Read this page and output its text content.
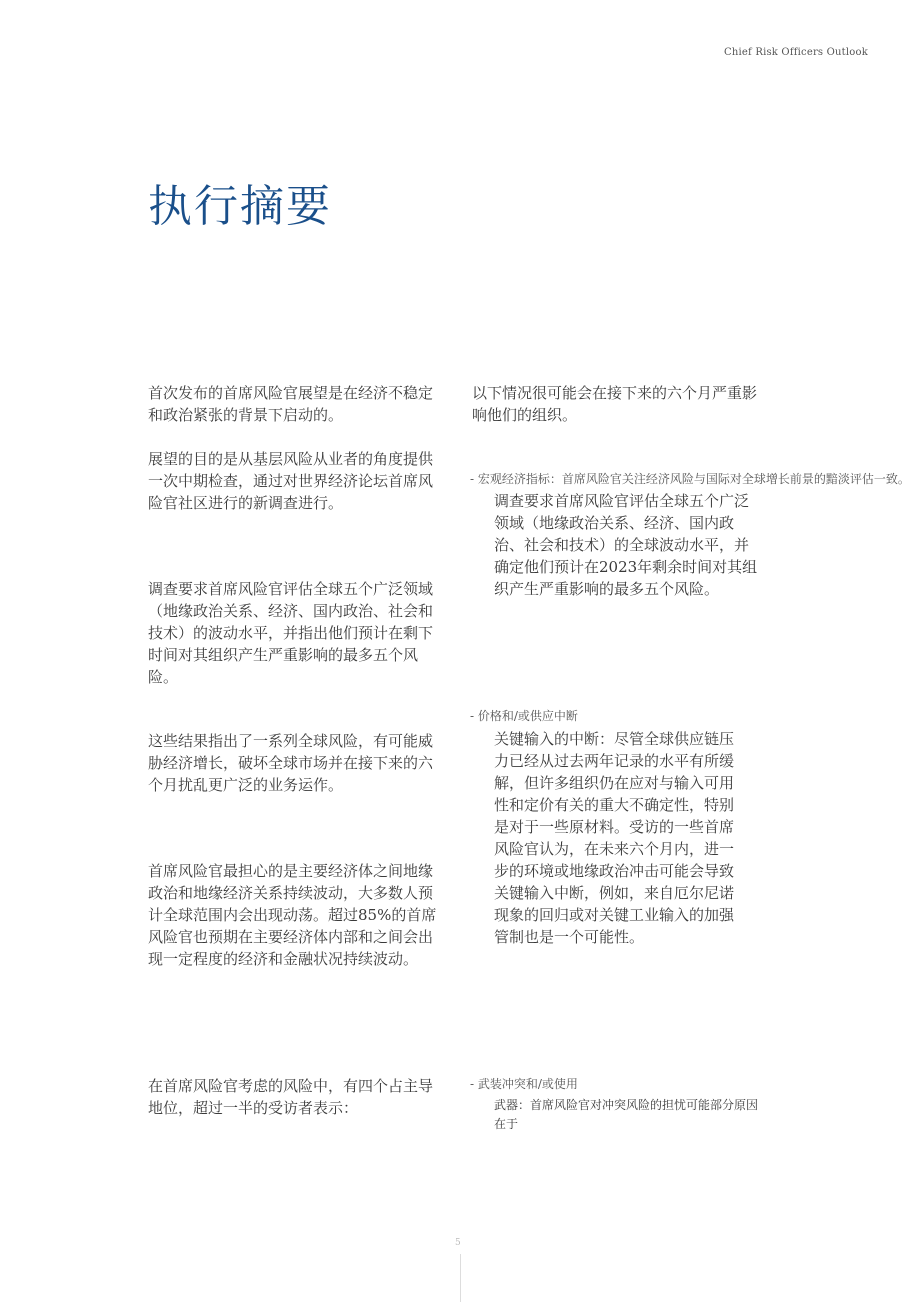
Chief Risk Officers Outlook
执行摘要
首次发布的首席风险官展望是在经济不稳定和政治紧张的背景下启动的。
展望的目的是从基层风险从业者的角度提供一次中期检查，通过对世界经济论坛首席风险官社区进行的新调查进行。
调查要求首席风险官评估全球五个广泛领域（地缘政治关系、经济、国内政治、社会和技术）的波动水平，并指出他们预计在剩下时间对其组织产生严重影响的最多五个风险。
这些结果指出了一系列全球风险，有可能威胁经济增长，破坏全球市场并在接下来的六个月扰乱更广泛的业务运作。
首席风险官最担心的是主要经济体之间地缘政治和地缘经济关系持续波动，大多数人预计全球范围内会出现动荡。超过85%的首席风险官也预期在主要经济体内部和之间会出现一定程度的经济和金融状况持续波动。
在首席风险官考虑的风险中，有四个占主导地位，超过一半的受访者表示：
以下情况很可能会在接下来的六个月严重影响他们的组织。
- 宏观经济指标：首席风险官关注经济风险与国际对全球增长前景的黯淡评估一致。
调查要求首席风险官评估全球五个广泛领域（地缘政治关系、经济、国内政治、社会和技术）的全球波动水平，并确定他们预计在2023年剩余时间对其组织产生严重影响的最多五个风险。
- 价格和/或供应中断
关键输入的中断：尽管全球供应链压力已经从过去两年记录的水平有所缓解，但许多组织仍在应对与输入可用性和定价有关的重大不确定性，特别是对于一些原材料。受访的一些首席风险官认为，在未来六个月内，进一步的环境或地缘政治冲击可能会导致关键输入中断，例如，来自厄尔尼诺现象的回归或对关键工业输入的加强管制也是一个可能性。
- 武装冲突和/或使用
武器：首席风险官对冲突风险的担忧可能部分原因在于
5
